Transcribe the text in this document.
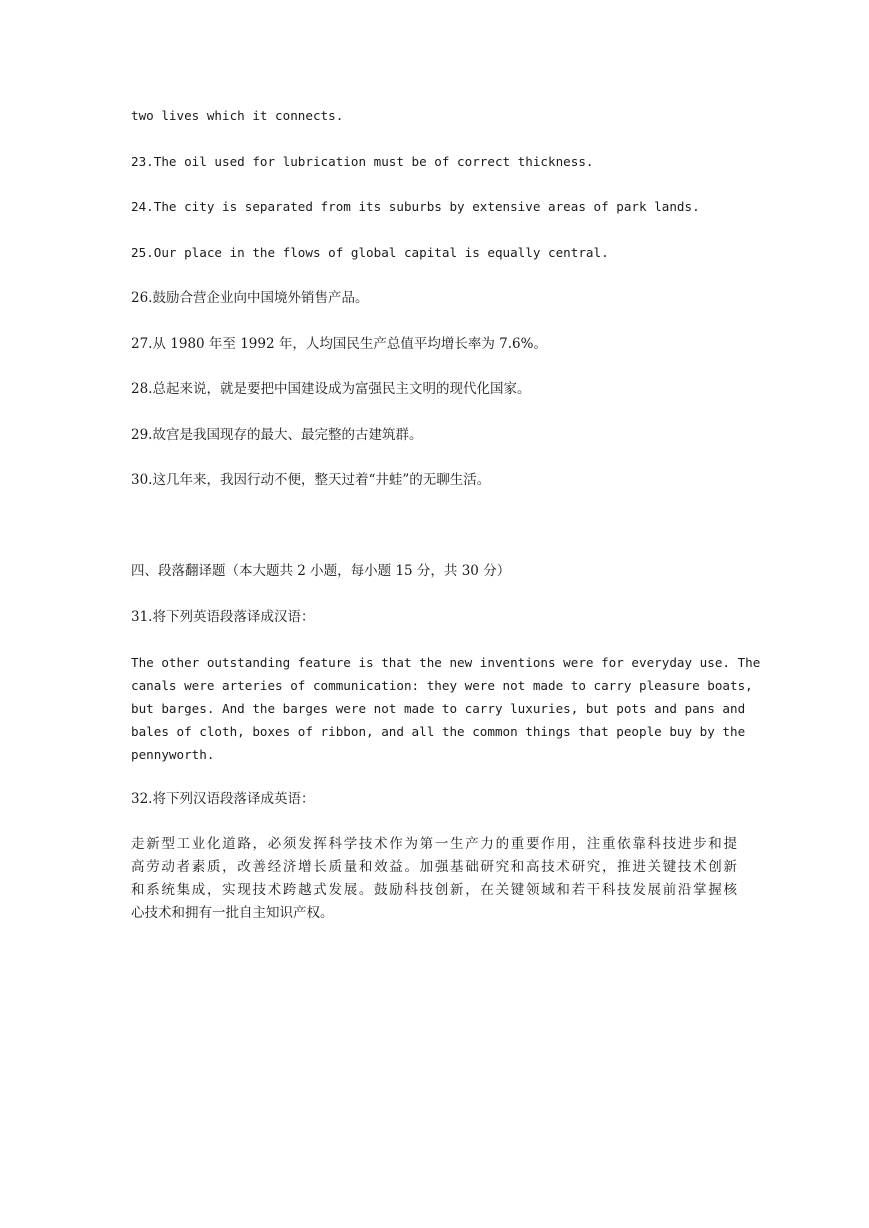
two lives which it connects.
23.The oil used for lubrication must be of correct thickness.
24.The city is separated from its suburbs by extensive areas of park lands.
25.Our place in the flows of global capital is equally central.
26.鼓励合营企业向中国境外销售产品。
27.从 1980 年至 1992 年，人均国民生产总值平均增长率为 7.6%。
28.总起来说，就是要把中国建设成为富强民主文明的现代化国家。
29.故宫是我国现存的最大、最完整的古建筑群。
30.这几年来，我因行动不便，整天过着“井蛙”的无聊生活。
四、段落翻译题（本大题共 2 小题，每小题 15 分，共 30 分）
31.将下列英语段落译成汉语：
The other outstanding feature is that the new inventions were for everyday use. The
canals were arteries of communication: they were not made to carry pleasure boats,
but barges. And the barges were not made to carry luxuries, but pots and pans and
bales of cloth, boxes of ribbon, and all the common things that people buy by the
pennyworth.
32.将下列汉语段落译成英语：
走新型工业化道路，必须发挥科学技术作为第一生产力的重要作用，注重依靠科技进步和提
高劳动者素质，改善经济增长质量和效益。加强基础研究和高技术研究，推进关键技术创新
和系统集成，实现技术跨越式发展。鼓励科技创新，在关键领域和若干科技发展前沿掌握核
心技术和拥有一批自主知识产权。
